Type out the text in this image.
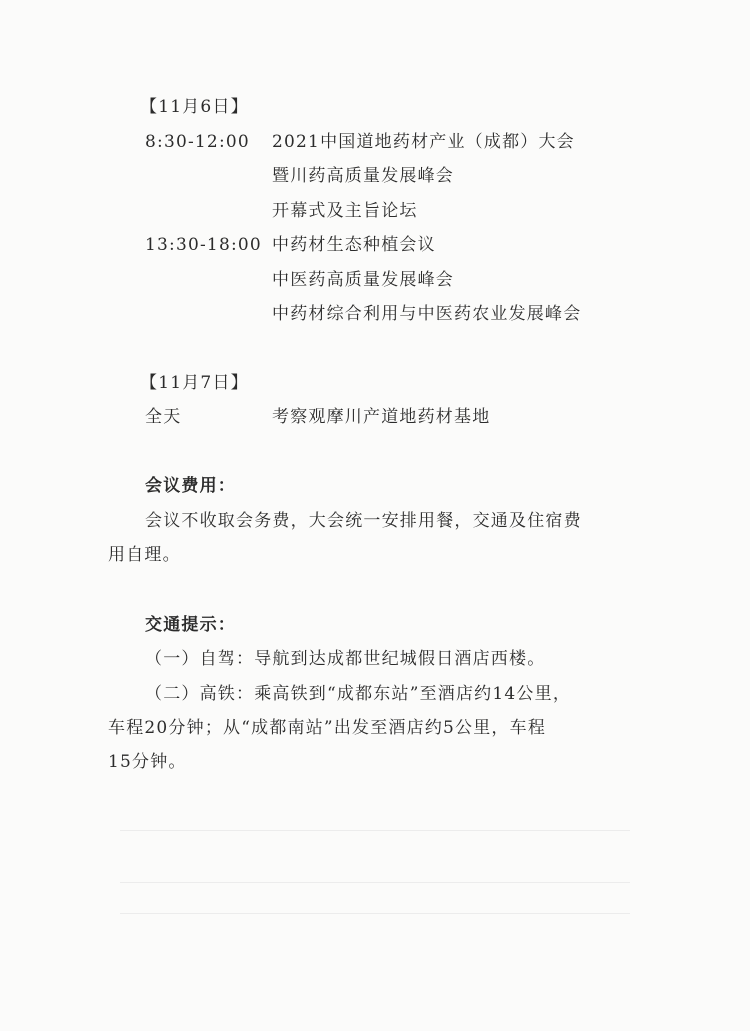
【11月6日】
8:30-12:00 2021中国道地药材产业（成都）大会
暨川药高质量发展峰会
开幕式及主旨论坛
13:30-18:00 中药材生态种植会议
中医药高质量发展峰会
中药材综合利用与中医药农业发展峰会
【11月7日】
全天	考察观摩川产道地药材基地
会议费用：
会议不收取会务费，大会统一安排用餐，交通及住宿费
用自理。
交通提示：
（一）自驾：导航到达成都世纪城假日酒店西楼。
（二）高铁：乘高铁到“成都东站”至酒店约14公里，
车程20分钟；从“成都南站”出发至酒店约5公里，车程
15分钟。
